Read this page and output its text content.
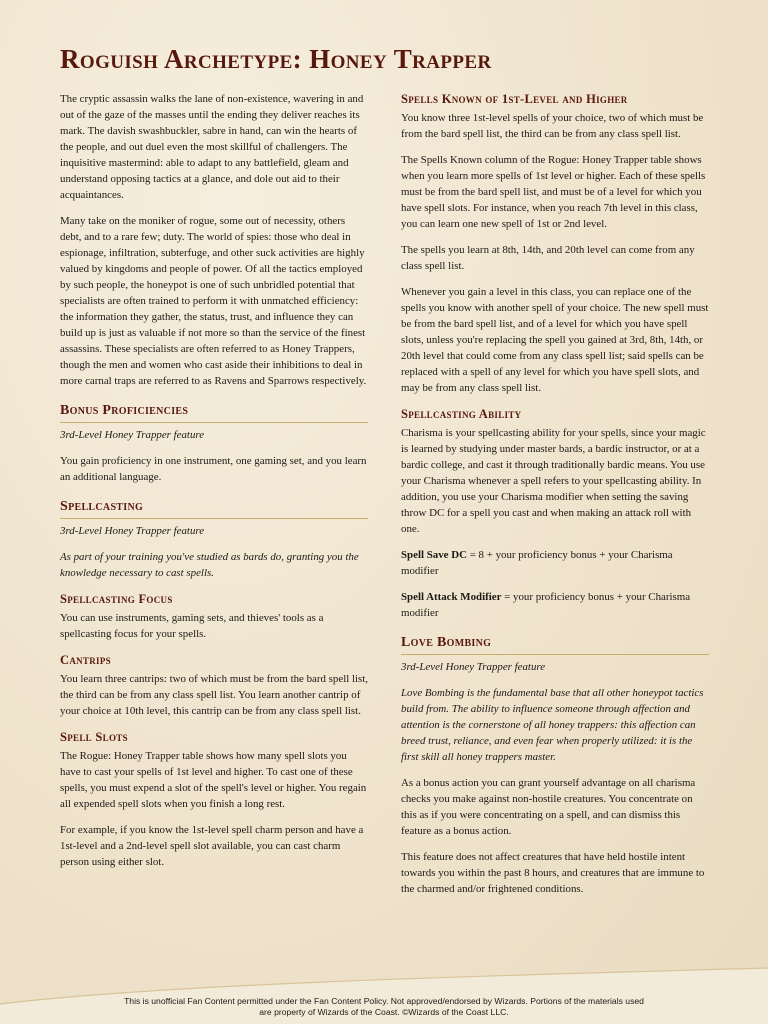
Roguish Archetype: Honey Trapper

The cryptic assassin walks the lane of non-existence, wavering in and out of the gaze of the masses until the ending they deliver reaches its mark. The davish swashbuckler, sabre in hand, can win the hearts of the people, and out duel even the most skillful of challengers. The inquisitive mastermind: able to adapt to any battlefield, gleam and understand opposing tactics at a glance, and dole out aid to their acquaintances.

Many take on the moniker of rogue, some out of necessity, others debt, and to a rare few; duty. The world of spies: those who deal in espionage, infiltration, subterfuge, and other suck activities are highly valued by kingdoms and people of power. Of all the tactics employed by such people, the honeypot is one of such unbridled potential that specialists are often trained to perform it with unmatched efficiency: the information they gather, the status, trust, and influence they can build up is just as valuable if not more so than the service of the finest assassins. These specialists are often referred to as Honey Trappers, though the men and women who cast aside their inhibitions to deal in more carnal traps are referred to as Ravens and Sparrows respectively.

Bonus Proficiencies

3rd-Level Honey Trapper feature

You gain proficiency in one instrument, one gaming set, and you learn an additional language.

Spellcasting

3rd-Level Honey Trapper feature

As part of your training you've studied as bards do, granting you the knowledge necessary to cast spells.

Spellcasting Focus

You can use instruments, gaming sets, and thieves' tools as a spellcasting focus for your spells.

Cantrips

You learn three cantrips: two of which must be from the bard spell list, the third can be from any class spell list. You learn another cantrip of your choice at 10th level, this cantrip can be from any class spell list.

Spell Slots

The Rogue: Honey Trapper table shows how many spell slots you have to cast your spells of 1st level and higher. To cast one of these spells, you must expend a slot of the spell's level or higher. You regain all expended spell slots when you finish a long rest.

For example, if you know the 1st-level spell charm person and have a 1st-level and a 2nd-level spell slot available, you can cast charm person using either slot.

Spells Known of 1st-Level and Higher

You know three 1st-level spells of your choice, two of which must be from the bard spell list, the third can be from any class spell list.

The Spells Known column of the Rogue: Honey Trapper table shows when you learn more spells of 1st level or higher. Each of these spells must be from the bard spell list, and must be of a level for which you have spell slots. For instance, when you reach 7th level in this class, you can learn one new spell of 1st or 2nd level.

The spells you learn at 8th, 14th, and 20th level can come from any class spell list.

Whenever you gain a level in this class, you can replace one of the spells you know with another spell of your choice. The new spell must be from the bard spell list, and of a level for which you have spell slots, unless you're replacing the spell you gained at 3rd, 8th, 14th, or 20th level that could come from any class spell list; said spells can be replaced with a spell of any level for which you have spell slots, and may be from any class spell list.

Spellcasting Ability

Charisma is your spellcasting ability for your spells, since your magic is learned by studying under master bards, a bardic instructor, or at a bardic college, and cast it through traditionally bardic means. You use your Charisma whenever a spell refers to your spellcasting ability. In addition, you use your Charisma modifier when setting the saving throw DC for a spell you cast and when making an attack roll with one.

Spell Save DC = 8 + your proficiency bonus + your Charisma modifier

Spell Attack Modifier = your proficiency bonus + your Charisma modifier

Love Bombing

3rd-Level Honey Trapper feature

Love Bombing is the fundamental base that all other honeypot tactics build from. The ability to influence someone through affection and attention is the cornerstone of all honey trappers: this affection can breed trust, reliance, and even fear when properly utilized: it is the first skill all honey trappers master.

As a bonus action you can grant yourself advantage on all charisma checks you make against non-hostile creatures. You concentrate on this as if you were concentrating on a spell, and can dismiss this feature as a bonus action.

This feature does not affect creatures that have held hostile intent towards you within the past 8 hours, and creatures that are immune to the charmed and/or frightened conditions.

This is unofficial Fan Content permitted under the Fan Content Policy. Not approved/endorsed by Wizards. Portions of the materials used
are property of Wizards of the Coast. ©Wizards of the Coast LLC.
